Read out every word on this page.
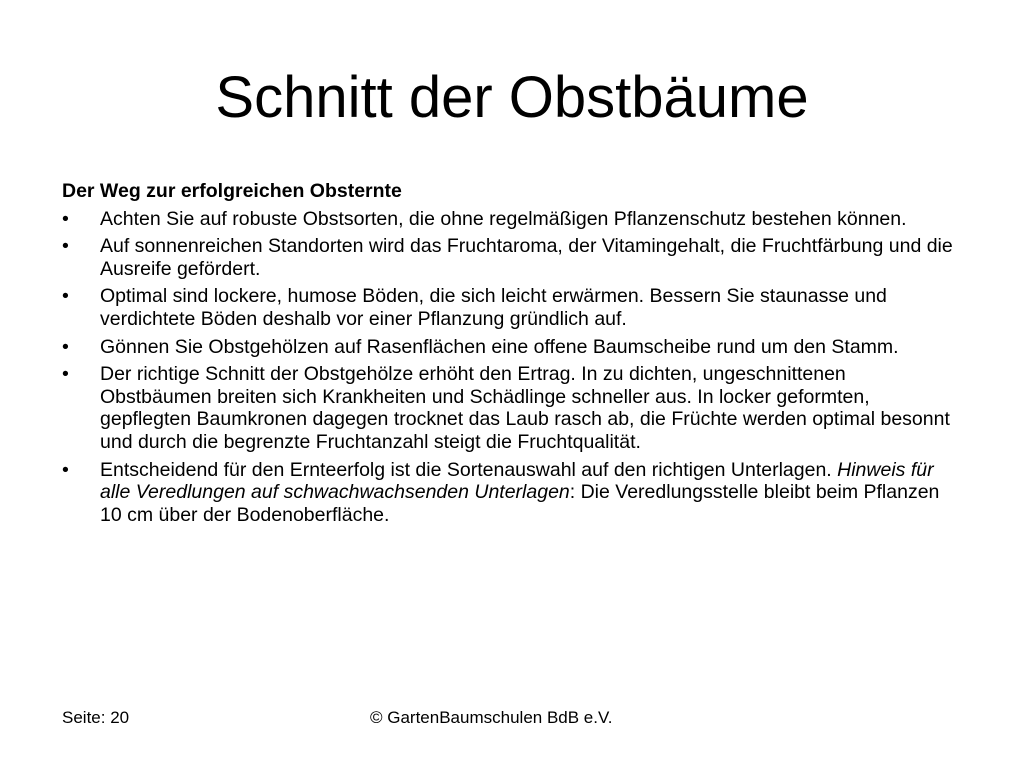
Schnitt der Obstbäume
Der Weg zur erfolgreichen Obsternte
• Achten Sie auf robuste Obstsorten, die ohne regelmäßigen Pflanzenschutz bestehen können.
• Auf sonnenreichen Standorten wird das Fruchtaroma, der Vitamingehalt, die Fruchtfärbung und die Ausreife gefördert.
• Optimal sind lockere, humose Böden, die sich leicht erwärmen. Bessern Sie staunasse und verdichtete Böden deshalb vor einer Pflanzung gründlich auf.
• Gönnen Sie Obstgehölzen auf Rasenflächen eine offene Baumscheibe rund um den Stamm.
• Der richtige Schnitt der Obstgehölze erhöht den Ertrag. In zu dichten, ungeschnittenen Obstbäumen breiten sich Krankheiten und Schädlinge schneller aus. In locker geformten, gepflegten Baumkronen dagegen trocknet das Laub rasch ab, die Früchte werden optimal besonnt und durch die begrenzte Fruchtanzahl steigt die Fruchtqualität.
• Entscheidend für den Ernteerfolg ist die Sortenauswahl auf den richtigen Unterlagen. Hinweis für alle Veredlungen auf schwachwachsenden Unterlagen: Die Veredlungsstelle bleibt beim Pflanzen 10 cm über der Bodenoberfläche.
Seite: 20	© GartenBaumschulen BdB e.V.
